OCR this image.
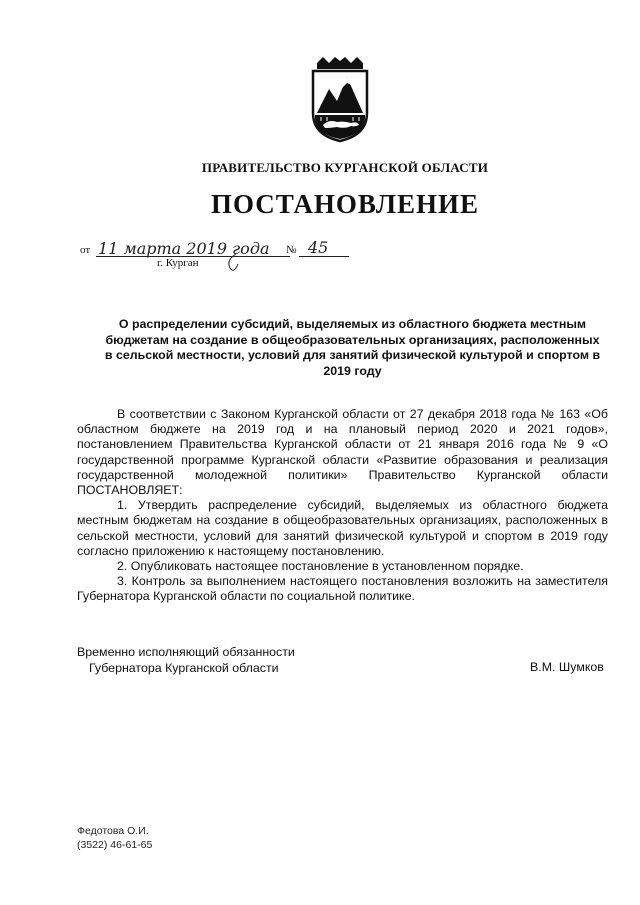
ПРАВИТЕЛЬСТВО КУРГАНСКОЙ ОБЛАСТИ
ПОСТАНОВЛЕНИЕ
от 11 марта 2019 года № 45
г. Курган
О распределении субсидий, выделяемых из областного бюджета местным бюджетам на создание в общеобразовательных организациях, расположенных в сельской местности, условий для занятий физической культурой и спортом в 2019 году

В соответствии с Законом Курганской области от 27 декабря 2018 года № 163 «Об областном бюджете на 2019 год и на плановый период 2020 и 2021 годов», постановлением Правительства Курганской области от 21 января 2016 года № 9 «О государственной программе Курганской области «Развитие образования и реализация государственной молодежной политики» Правительство Курганской области ПОСТАНОВЛЯЕТ:

1. Утвердить распределение субсидий, выделяемых из областного бюджета местным бюджетам на создание в общеобразовательных организациях, расположенных в сельской местности, условий для занятий физической культурой и спортом в 2019 году согласно приложению к настоящему постановлению.

2. Опубликовать настоящее постановление в установленном порядке.

3. Контроль за выполнением настоящего постановления возложить на заместителя Губернатора Курганской области по социальной политике.

Временно исполняющий обязанности
Губернатора Курганской области	В.М. Шумков
Федотова О.И.
(3522) 46-61-65
